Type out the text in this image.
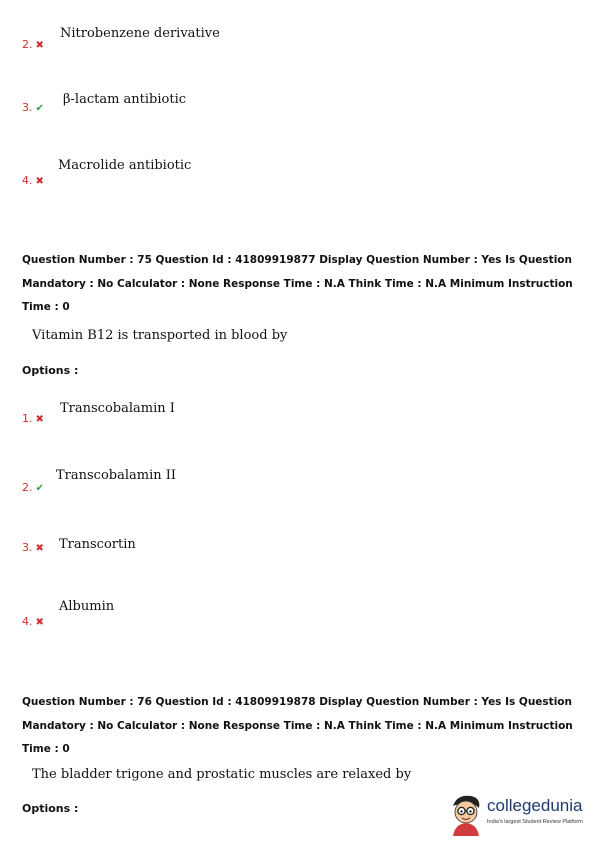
2. ✖
Nitrobenzene derivative
3. ✔
β-lactam antibiotic
4. ✖
Macrolide antibiotic
Question Number : 75 Question Id : 41809919877 Display Question Number : Yes Is Question Mandatory : No Calculator : None Response Time : N.A Think Time : N.A Minimum Instruction Time : 0
Vitamin B12 is transported in blood by
Options :
1. ✖
Transcobalamin I
2. ✔
Transcobalamin II
3. ✖ Transcortin
4. ✖
Albumin
Question Number : 76 Question Id : 41809919878 Display Question Number : Yes Is Question Mandatory : No Calculator : None Response Time : N.A Think Time : N.A Minimum Instruction Time : 0
The bladder trigone and prostatic muscles are relaxed by
Options :	collegedunia
India's largest Student Review Platform
